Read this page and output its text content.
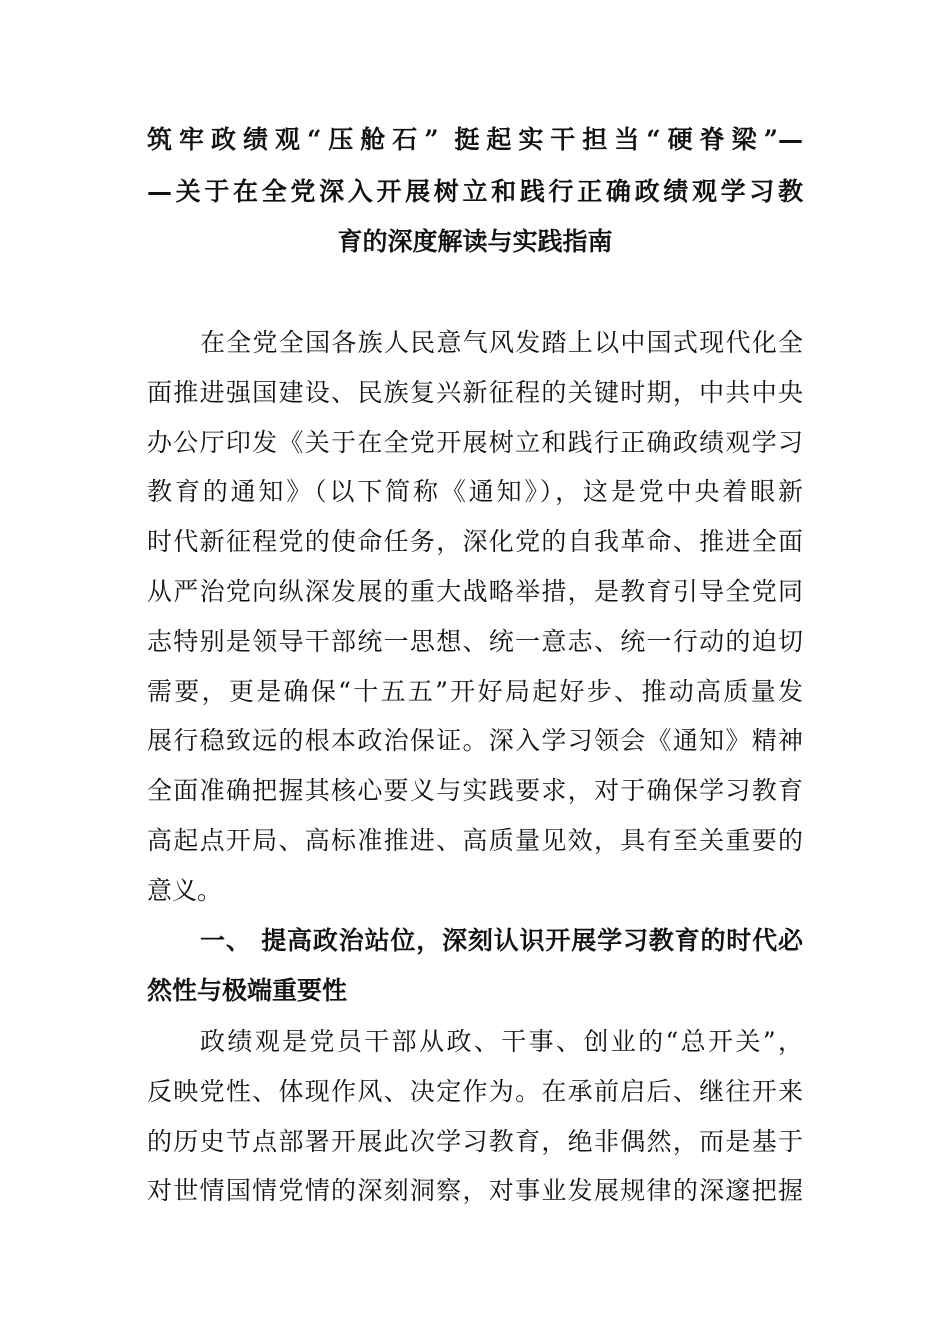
筑牢政绩观“压舱石” 挺起实干担当“硬脊梁”—
—关于在全党深入开展树立和践行正确政绩观学习教
育的深度解读与实践指南
在全党全国各族人民意气风发踏上以中国式现代化全
面推进强国建设、民族复兴新征程的关键时期，中共中央
办公厅印发《关于在全党开展树立和践行正确政绩观学习
教育的通知》（以下简称《通知》），这是党中央着眼新
时代新征程党的使命任务，深化党的自我革命、推进全面
从严治党向纵深发展的重大战略举措，是教育引导全党同
志特别是领导干部统一思想、统一意志、统一行动的迫切
需要，更是确保“十五五”开好局起好步、推动高质量发
展行稳致远的根本政治保证。深入学习领会《通知》精神
全面准确把握其核心要义与实践要求，对于确保学习教育
高起点开局、高标准推进、高质量见效，具有至关重要的
意义。
一、 提高政治站位，深刻认识开展学习教育的时代必
然性与极端重要性
政绩观是党员干部从政、干事、创业的“总开关”，
反映党性、体现作风、决定作为。在承前启后、继往开来
的历史节点部署开展此次学习教育，绝非偶然，而是基于
对世情国情党情的深刻洞察，对事业发展规律的深邃把握
